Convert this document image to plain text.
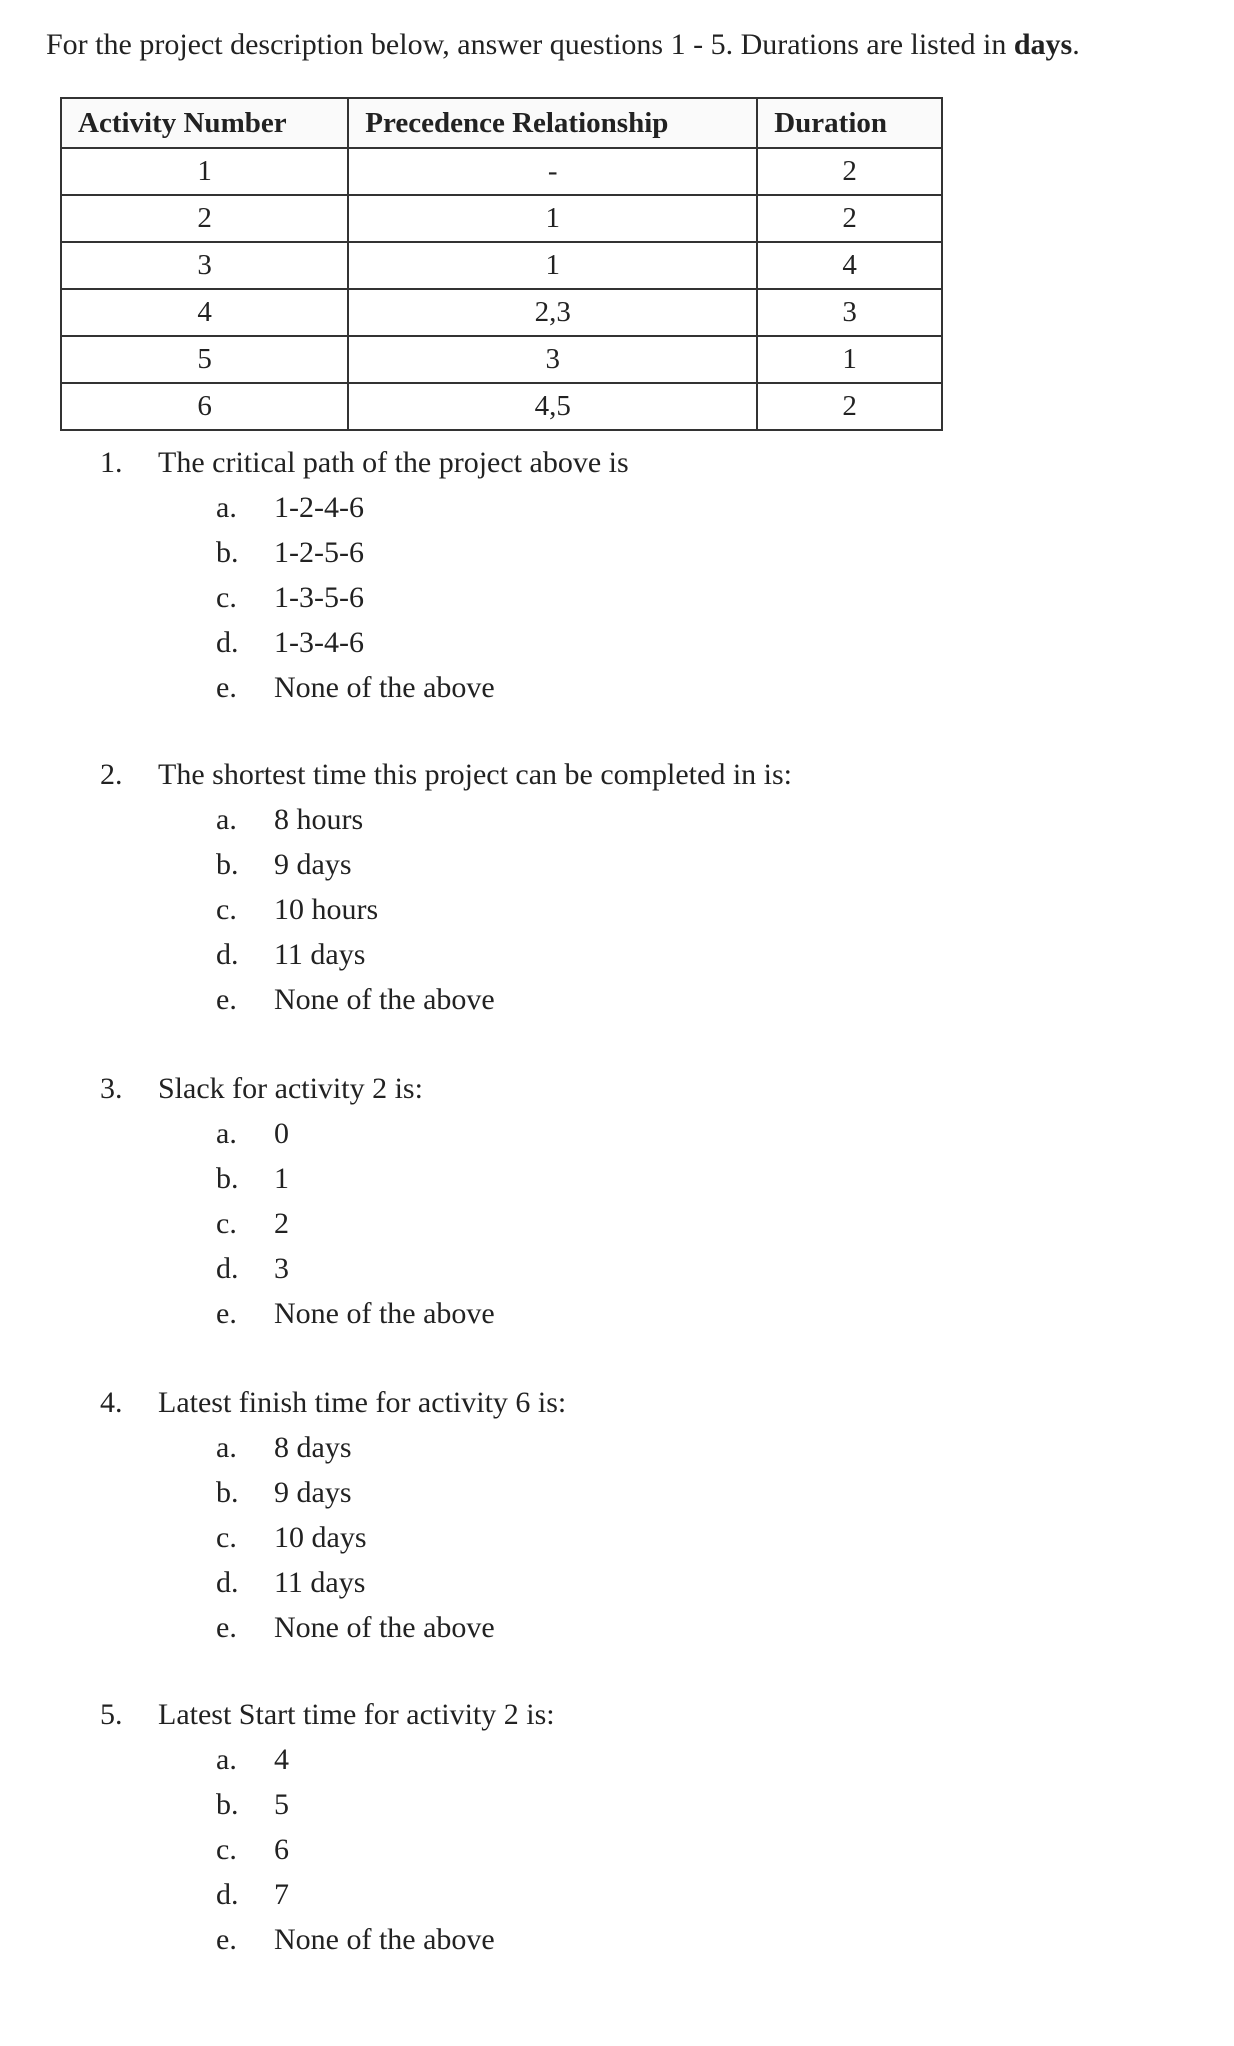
For the project description below, answer questions 1 - 5. Durations are listed in days.

Activity Number	Precedence Relationship	Duration
1	-	2
2	1	2
3	1	4
4	2,3	3
5	3	1
6	4,5	2
1.	The critical path of the project above is
a.	1-2-4-6
b.	1-2-5-6
c.	1-3-5-6
d.	1-3-4-6
e.	None of the above
2.	The shortest time this project can be completed in is:
a.	8 hours
b.	9 days
c.	10 hours
d.	11 days
e.	None of the above
3.	Slack for activity 2 is:
a.	0
b.	1
c.	2
d.	3
e.	None of the above
4.	Latest finish time for activity 6 is:
a.	8 days
b.	9 days
c.	10 days
d.	11 days
e.	None of the above
5.	Latest Start time for activity 2 is:
a.	4
b.	5
c.	6
d.	7
e.	None of the above
